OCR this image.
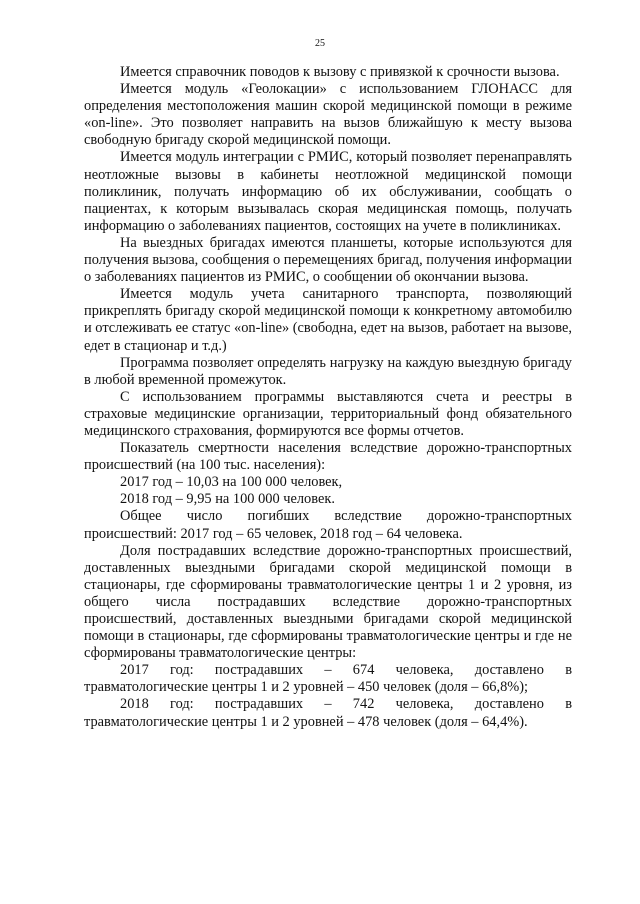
25

Имеется справочник поводов к вызову с привязкой к срочности вызова.

Имеется модуль «Геолокации» с использованием ГЛОНАСС для определения местоположения машин скорой медицинской помощи в режиме «on-line». Это позволяет направить на вызов ближайшую к месту вызова свободную бригаду скорой медицинской помощи.

Имеется модуль интеграции с РМИС, который позволяет перенаправлять неотложные вызовы в кабинеты неотложной медицинской помощи поликлиник, получать информацию об их обслуживании, сообщать о пациентах, к которым вызывалась скорая медицинская помощь, получать информацию о заболеваниях пациентов, состоящих на учете в поликлиниках.

На выездных бригадах имеются планшеты, которые используются для получения вызова, сообщения о перемещениях бригад, получения информации о заболеваниях пациентов из РМИС, о сообщении об окончании вызова.

Имеется модуль учета санитарного транспорта, позволяющий прикреплять бригаду скорой медицинской помощи к конкретному автомобилю и отслеживать ее статус «on-line» (свободна, едет на вызов, работает на вызове, едет в стационар и т.д.)

Программа позволяет определять нагрузку на каждую выездную бригаду в любой временной промежуток.

С использованием программы выставляются счета и реестры в страховые медицинские организации, территориальный фонд обязательного медицинского страхования, формируются все формы отчетов.

Показатель смертности населения вследствие дорожно-транспортных происшествий (на 100 тыс. населения):

2017 год – 10,03 на 100 000 человек,

2018 год – 9,95 на 100 000 человек.

Общее число погибших вследствие дорожно-транспортных происшествий: 2017 год – 65 человек, 2018 год – 64 человека.

Доля пострадавших вследствие дорожно-транспортных происшествий, доставленных выездными бригадами скорой медицинской помощи в стационары, где сформированы травматологические центры 1 и 2 уровня, из общего числа пострадавших вследствие дорожно-транспортных происшествий, доставленных выездными бригадами скорой медицинской помощи в стационары, где сформированы травматологические центры и где не сформированы травматологические центры:

2017 год: пострадавших – 674 человека, доставлено в травматологические центры 1 и 2 уровней – 450 человек (доля – 66,8%);

2018 год: пострадавших – 742 человека, доставлено в травматологические центры 1 и 2 уровней – 478 человек (доля – 64,4%).
